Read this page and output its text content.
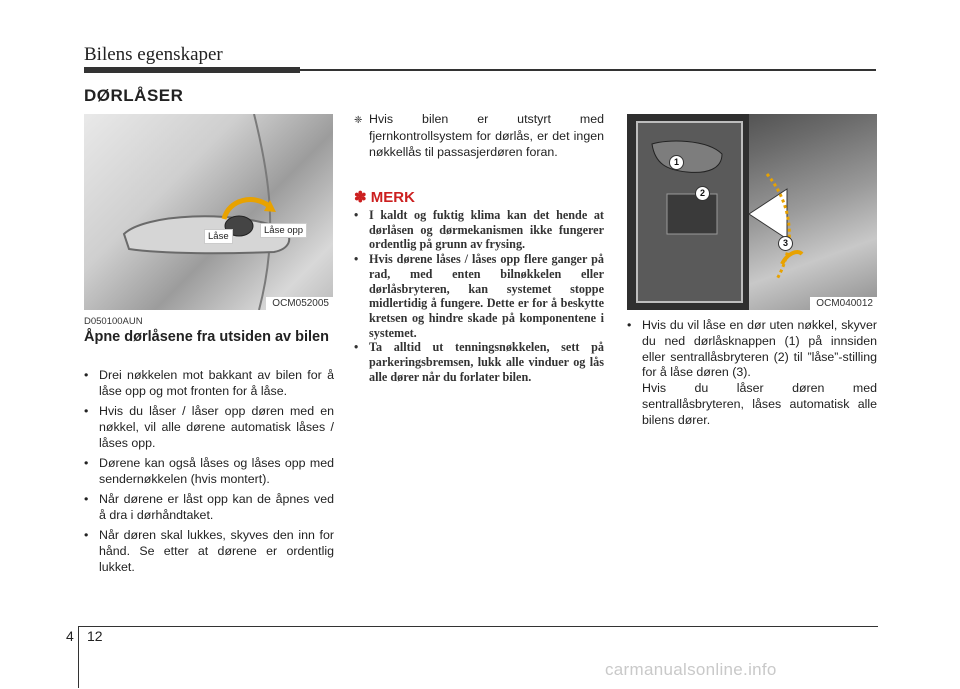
Bilens egenskaper
DØRLÅSER
Låse
Låse opp
OCM052005
1
2
3
OCM040012
D050100AUN
Åpne dørlåsene fra utsiden av bilen
• Drei nøkkelen mot bakkant av bilen for å låse opp og mot fronten for å låse.
• Hvis du låser / låser opp døren med en nøkkel, vil alle dørene automatisk låses / låses opp.
• Dørene kan også låses og låses opp med sendernøkkelen (hvis montert).
• Når dørene er låst opp kan de åpnes ved å dra i dørhåndtaket.
• Når døren skal lukkes, skyves den inn for hånd. Se etter at dørene er ordentlig lukket.
❈ Hvis bilen er utstyrt med fjernkontrollsystem for dørlås, er det ingen nøkkellås til passasjerdøren foran.
✽ MERK
• I kaldt og fuktig klima kan det hende at dørlåsen og dørmekanismen ikke fungerer ordentlig på grunn av frysing.
• Hvis dørene låses / låses opp flere ganger på rad, med enten bilnøkkelen eller dørlåsbryteren, kan systemet stoppe midlertidig å fungere. Dette er for å beskytte kretsen og hindre skade på komponentene i systemet.
• Ta alltid ut tenningsnøkkelen, sett på parkeringsbremsen, lukk alle vinduer og lås alle dører når du forlater bilen.
• Hvis du vil låse en dør uten nøkkel, skyver du ned dørlåsknappen (1) på innsiden eller sentrallåsbryteren (2) til ”låse”-stilling for å låse døren (3).
Hvis du låser døren med sentrallåsbryteren, låses automatisk alle bilens dører.
4 12
carmanualsonline.info
